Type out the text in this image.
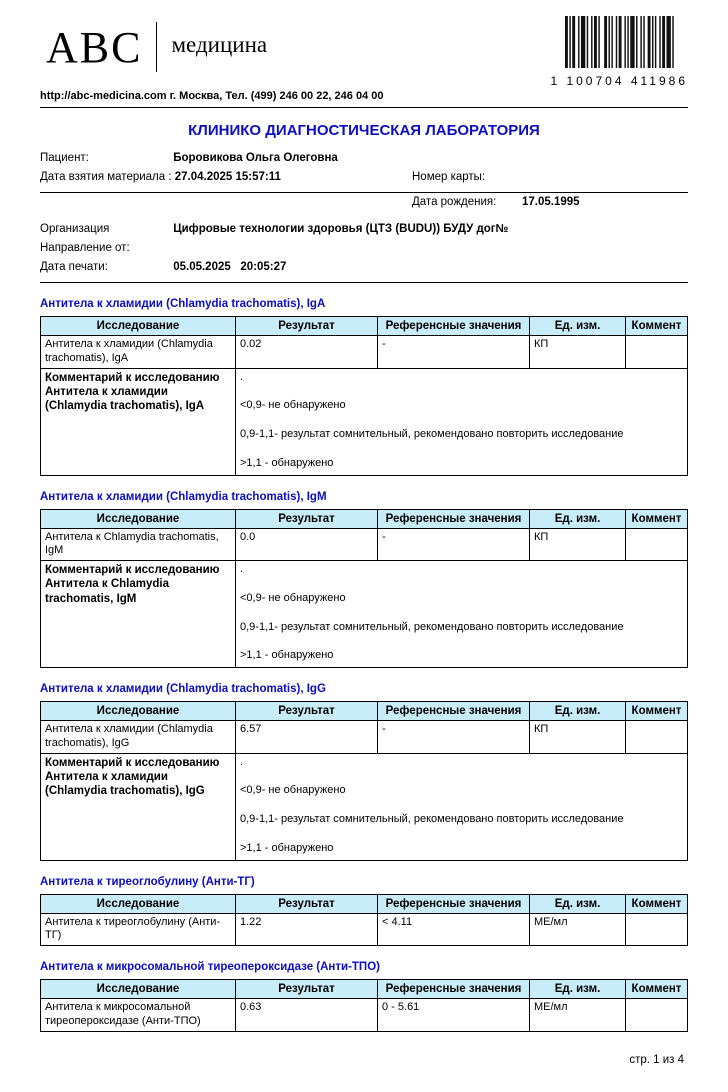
АВС медицина
1 100704 411986
http://abc-medicina.com г. Москва, Тел. (499) 246 00 22, 246 04 00
КЛИНИКО ДИАГНОСТИЧЕСКАЯ ЛАБОРАТОРИЯ
Пациент:	Боровикова Ольга Олеговна
Дата взятия материала : 27.04.2025 15:57:11	Номер карты:
Дата рождения: 17.05.1995
Организация	Цифровые технологии здоровья (ЦТЗ (BUDU)) БУДУ дог№
Направление от:
Дата печати:	05.05.2025   20:05:27
Антитела к хламидии (Chlamydia trachomatis), IgA
Исследование	Результат	Референсные значения	Ед. изм.	Коммент
Антитела к хламидии (Chlamydia trachomatis), IgA	0.02	-	КП	
Комментарий к исследованию Антитела к хламидии (Chlamydia trachomatis), IgA	.
<0,9- не обнаружено
0,9-1,1- результат сомнительный, рекомендовано повторить исследование
>1,1 - обнаружено			
Антитела к хламидии (Chlamydia trachomatis), IgM
Исследование	Результат	Референсные значения	Ед. изм.	Коммент
Антитела к Chlamydia trachomatis, IgM	0.0	-	КП	
Комментарий к исследованию Антитела к Chlamydia trachomatis, IgM	.
<0,9- не обнаружено
0,9-1,1- результат сомнительный, рекомендовано повторить исследование
>1,1 - обнаружено			
Антитела к хламидии (Chlamydia trachomatis), IgG
Исследование	Результат	Референсные значения	Ед. изм.	Коммент
Антитела к хламидии (Chlamydia trachomatis), IgG	6.57	-	КП	
Комментарий к исследованию Антитела к хламидии (Chlamydia trachomatis), IgG	.
<0,9- не обнаружено
0,9-1,1- результат сомнительный, рекомендовано повторить исследование
>1,1 - обнаружено			
Антитела к тиреоглобулину (Анти-ТГ)
Исследование	Результат	Референсные значения	Ед. изм.	Коммент
Антитела к тиреоглобулину (Анти-ТГ)	1.22	< 4.11	МЕ/мл	
Антитела к микросомальной тиреопероксидазе (Анти-ТПО)
Исследование	Результат	Референсные значения	Ед. изм.	Коммент
Антитела к микросомальной тиреопероксидазе (Анти-ТПО)	0.63	0 - 5.61	МЕ/мл	
стр. 1 из 4
